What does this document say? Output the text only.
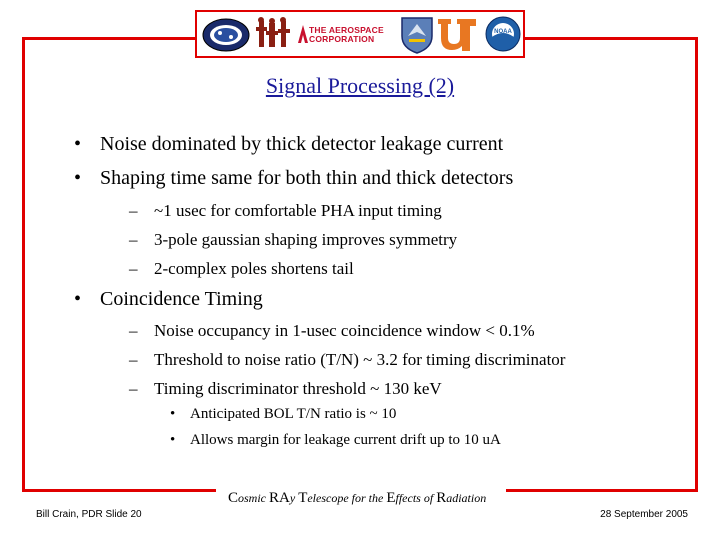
THE AEROSPACE
CORPORATION
NOAA
Signal Processing (2)
• Noise dominated by thick detector leakage current
• Shaping time same for both thin and thick detectors
– ~1 usec for comfortable PHA input timing
– 3-pole gaussian shaping improves symmetry
– 2-complex poles shortens tail
• Coincidence Timing
– Noise occupancy in 1-usec coincidence window < 0.1%
– Threshold to noise ratio (T/N) ~ 3.2 for timing discriminator
– Timing discriminator threshold ~ 130 keV
• Anticipated BOL T/N ratio is ~ 10
• Allows margin for leakage current drift up to 10 uA
Bill Crain, PDR Slide 20
Cosmic RAy Telescope for the Effects of Radiation
28 September 2005
